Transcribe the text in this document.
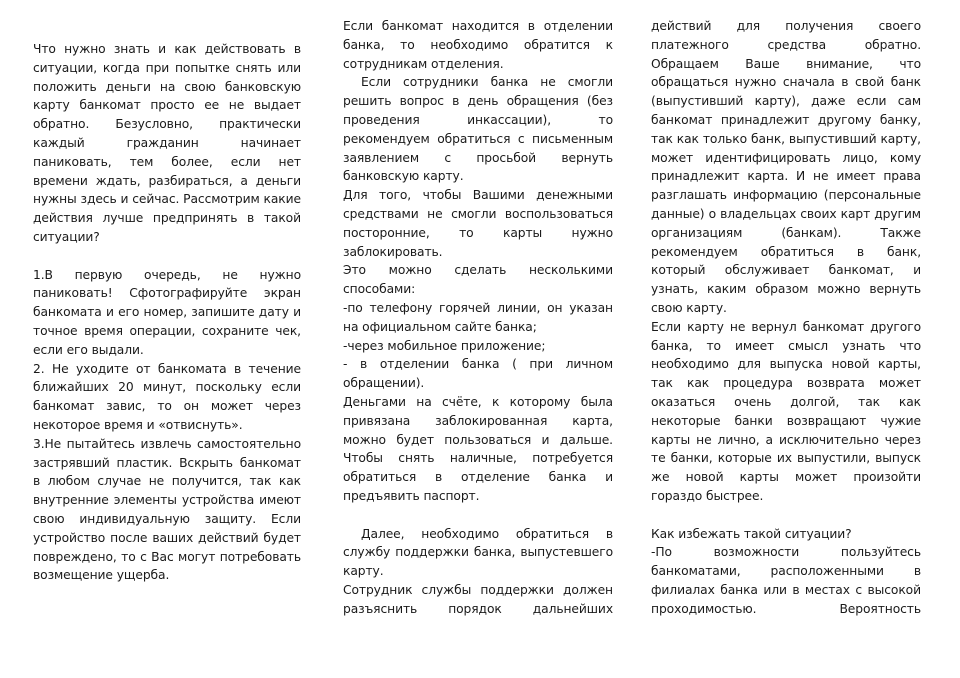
Что нужно знать и как действовать в ситуации, когда при попытке снять или положить деньги на свою банковскую карту банкомат просто ее не выдает обратно. Безусловно, практически каждый гражданин начинает паниковать, тем более, если нет времени ждать, разбираться, а деньги нужны здесь и сейчас. Рассмотрим какие действия лучше предпринять в такой ситуации?

1.В первую очередь, не нужно паниковать! Сфотографируйте экран банкомата и его номер, запишите дату и точное время операции, сохраните чек, если его выдали.

2. Не уходите от банкомата в течение ближайших 20 минут, поскольку если банкомат завис, то он может через некоторое время и «отвиснуть».

3.Не пытайтесь извлечь самостоятельно застрявший пластик. Вскрыть банкомат в любом случае не получится, так как внутренние элементы устройства имеют свою индивидуальную защиту. Если устройство после ваших действий будет повреждено, то с Вас могут потребовать возмещение ущерба.

Если банкомат находится в отделении банка, то необходимо обратится к сотрудникам отделения.

Если сотрудники банка не смогли решить вопрос в день обращения (без проведения инкассации), то рекомендуем обратиться с письменным заявлением с просьбой вернуть банковскую карту.

Для того, чтобы Вашими денежными средствами не смогли воспользоваться посторонние, то карты нужно заблокировать.

Это можно сделать несколькими способами:

-по телефону горячей линии, он указан на официальном сайте банка;

-через мобильное приложение;

- в отделении банка ( при личном обращении).

Деньгами на счёте, к которому была привязана заблокированная карта, можно будет пользоваться и дальше. Чтобы снять наличные, потребуется обратиться в отделение банка и предъявить паспорт.

Далее, необходимо обратиться в службу поддержки банка, выпустевшего карту.

Сотрудник службы поддержки должен разъяснить порядок дальнейших

действий для получения своего платежного средства обратно. Обращаем Ваше внимание, что обращаться нужно сначала в свой банк (выпустивший карту), даже если сам банкомат принадлежит другому банку, так как только банк, выпустивший карту, может идентифицировать лицо, кому принадлежит карта. И не имеет права разглашать информацию (персональные данные) о владельцах своих карт другим организациям (банкам). Также рекомендуем обратиться в банк, который обслуживает банкомат, и узнать, каким образом можно вернуть свою карту.

Если карту не вернул банкомат другого банка, то имеет смысл узнать что необходимо для выпуска новой карты, так как процедура возврата может оказаться очень долгой, так как некоторые банки возвращают чужие карты не лично, а исключительно через те банки, которые их выпустили, выпуск же новой карты может произойти гораздо быстрее.

Как избежать такой ситуации?

-По возможности пользуйтесь банкоматами, расположенными в филиалах банка или в местах с высокой проходимостью. Вероятность
